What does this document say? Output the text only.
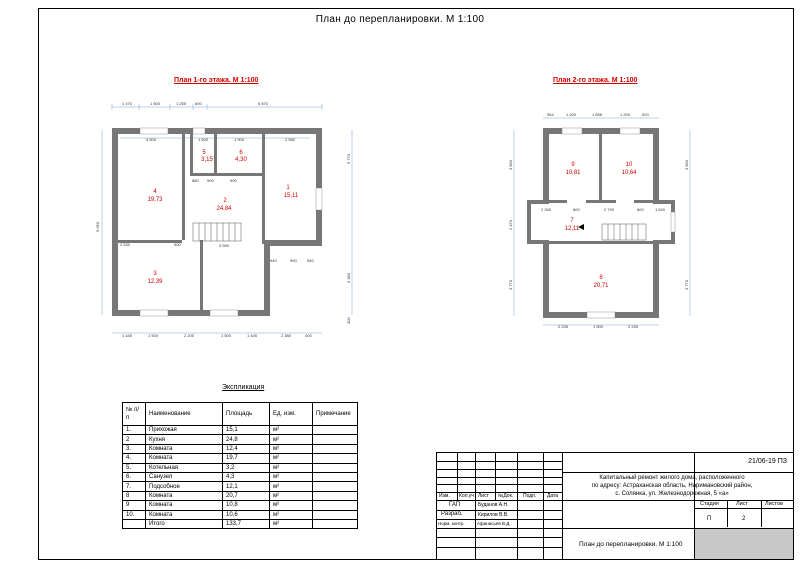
План до перепланировки. М 1:100
План 1-го этажа. М 1:100	План 2-го этажа. М 1:100
1
15,11
2
24,84
3
12,39
4
19,73
5
3,15
6
4,30
1 470	1 500	1 255 600	6 870
3 500	1 500	1 900	2 580
1 445	1 500	2 200	1 500	1 445	2 380	400
2 530	900	3 590
940	900	940
880 900	900
9 050
5 770
3 383
400
7
12,11
8
20,71
9
10,81
10
10,64
954	1 200	1 656	1 200	920
2 235	1 500	2 235
2 265	800	2 790	800	1 640
3 850
3 770
2 470
3 850
3 770
Экспликация
№ п/п	Наименование	Площадь	Ед. изм.	Примечание
1.	Прихожая	15,1	м²	
2	Кухня	24,8	м²	
3.	Комната	12,4	м²	
4.	Комната	19,7	м²	
5.	Котельная	3,2	м²	
6.	Санузел	4,3	м²	
7.	Подсобное	12,1	м²	
8	Комната	20,7	м²	
9	Комната	10,8	м²	
10.	Комната	10,6	м²	
	Итого	133,7	м²	
21/06-19 ПЗ
Капитальный ремонт жилого дома, расположенного
по адресу: Астраханская область, Наримановский район,
с. Солянка, ул. Железнодорожная, 5 «а»
Изм. Кол.уч Лист №Док. Подп. Дата
ГАП	Буданов А.Н.
Разраб.	Кирилов В.В.
Норм. контр.	Афанасьев В.Д.
Стадия	Лист	Листов
П	2
План до перепланировки. М 1:100
